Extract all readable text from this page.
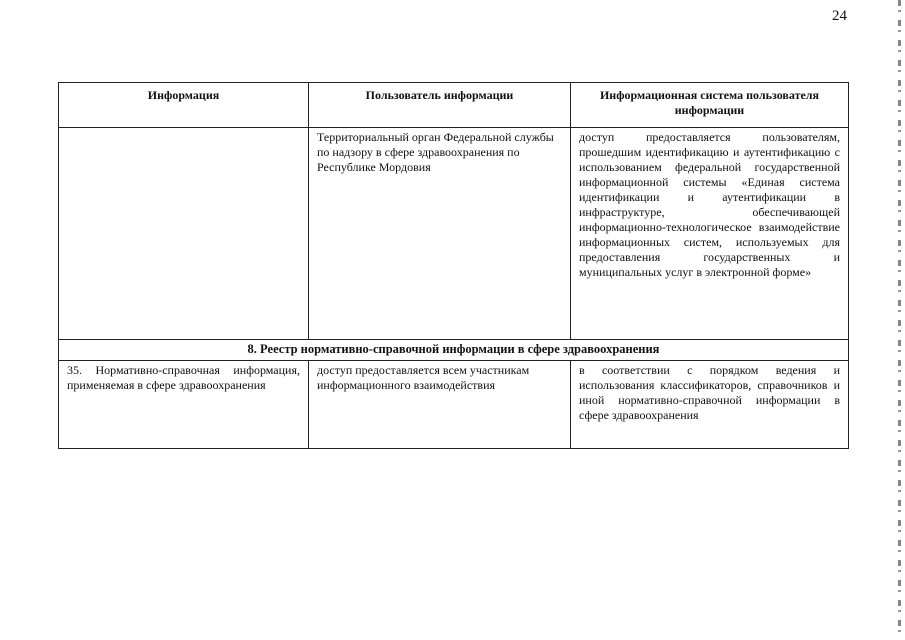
24
Информация	Пользователь информации	Информационная система пользователя информации
	Территориальный орган Федеральной службы по надзору в сфере здравоохранения по Республике Мордовия	доступ предоставляется пользователям, прошедшим идентификацию и аутентификацию с использованием федеральной государственной информационной системы «Единая система идентификации и аутентификации в инфраструктуре, обеспечивающей информационно-технологическое взаимодействие информационных систем, используемых для предоставления государственных и муниципальных услуг в электронной форме»
8. Реестр нормативно-справочной информации в сфере здравоохранения		
35. Нормативно-справочная информация, применяемая в сфере здравоохранения	доступ предоставляется всем участникам информационного взаимодействия	в соответствии с порядком ведения и использования классификаторов, справочников и иной нормативно-справочной информации в сфере здравоохранения
